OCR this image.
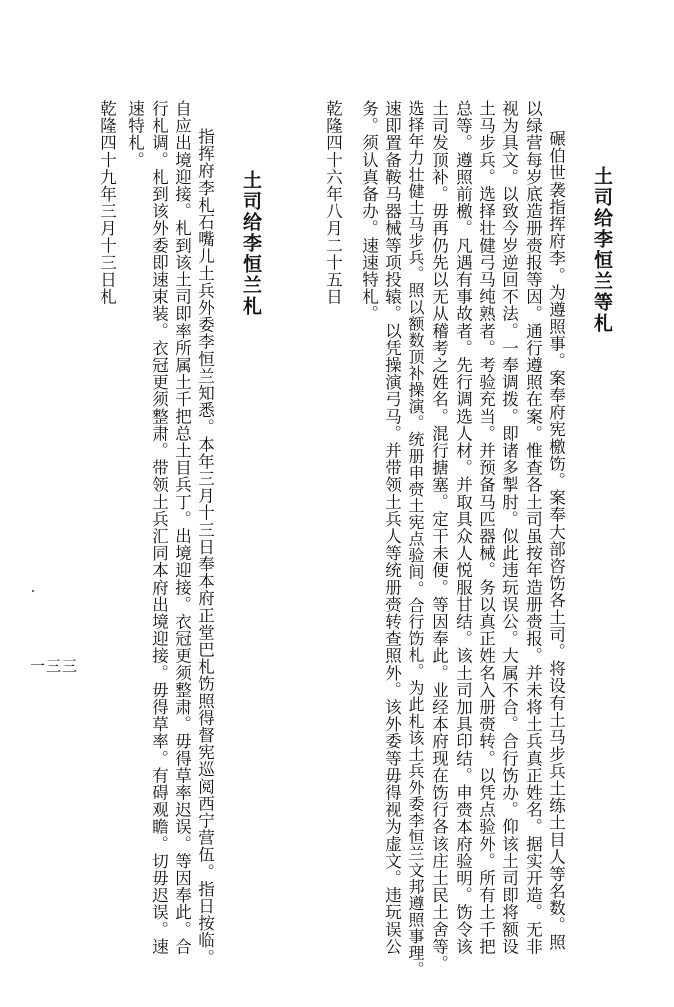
土司给李恒兰等札
碾伯世袭指挥府李。为遵照事。案奉府宪檄饬。案奉大部咨饬各土司。将设有土马步兵土练土目人等名数。照
以绿营每岁底造册赍报等因。通行遵照在案。惟查各土司虽按年造册赍报。并未将土兵真正姓名。据实开造。无非
视为具文。以致今岁逆回不法。一奉调拨。即诸多掣肘。似此违玩误公。大属不合。合行饬办。仰该土司即将额设
土马步兵。选择壮健弓马纯熟者。考验充当。并预备马匹器械。务以真正姓名入册赍转。以凭点验外。所有土千把
总等。遵照前檄。凡遇有事故者。先行调选人材。并取具众人悦服甘结。该土司加具印结。申赍本府验明。饬令该
土司发顶补。毋再仍先以无从稽考之姓名。混行搪塞。定干未便。等因奉此。业经本府现在饬行各该庄土民土舍等。
选择年力壮健土马步兵。照以额数顶补操演。统册申赍土宪点验间。合行饬札。为此札该土兵外委李恒兰文邦遵照事理。
速即置备鞍马器械等项投辕。以凭操演弓马。并带领土兵人等统册赍转查照外。该外委等毋得视为虚文。违玩误公
务。须认真备办。速速特札。
乾隆四十六年八月二十五日
土司给李恒兰札
指挥府李札石嘴儿土兵外委李恒兰知悉。本年三月十三日奉本府正堂巴札饬照得督宪巡阅西宁营伍。指日按临。
自应出境迎接。札到该土司即率所属土千把总土目兵丁。出境迎接。衣冠更须整肃。毋得草率迟误。等因奉此。合
行札调。札到该外委即速束装。衣冠更须整肃。带领土兵汇同本府出境迎接。毋得草率。有碍观瞻。切毋迟误。速
速特札。
乾隆四十九年三月十三日札
一三三
